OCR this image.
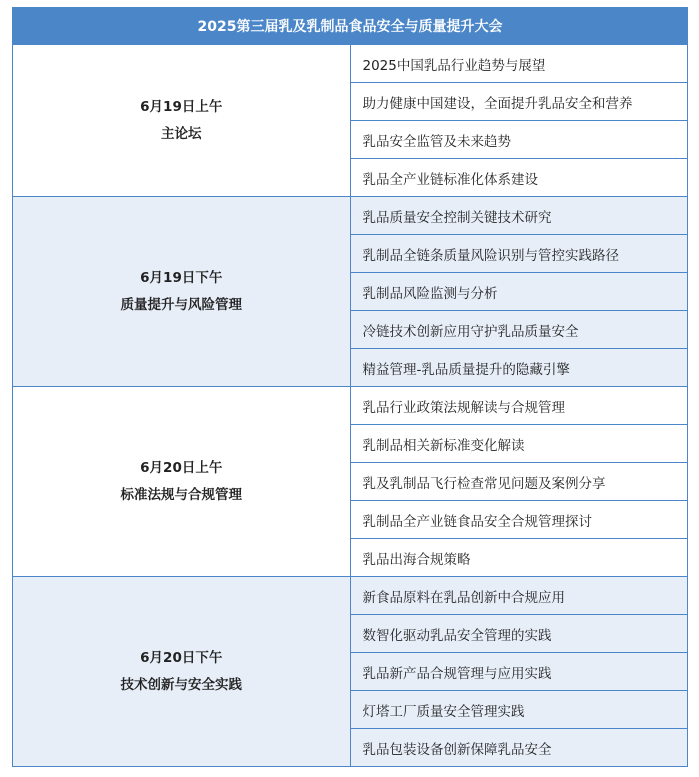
2025第三届乳及乳制品食品安全与质量提升大会	

6月19日上午
主论坛	2025中国乳品行业趋势与展望
	助力健康中国建设，全面提升乳品安全和营养
	乳品安全监管及未来趋势
	乳品全产业链标准化体系建设

6月19日下午
质量提升与风险管理	乳品质量安全控制关键技术研究
	乳制品全链条质量风险识别与管控实践路径
	乳制品风险监测与分析
	冷链技术创新应用守护乳品质量安全
	精益管理-乳品质量提升的隐藏引擎

6月20日上午
标准法规与合规管理	乳品行业政策法规解读与合规管理
	乳制品相关新标准变化解读
	乳及乳制品飞行检查常见问题及案例分享
	乳制品全产业链食品安全合规管理探讨
	乳品出海合规策略

6月20日下午
技术创新与安全实践	新食品原料在乳品创新中合规应用
	数智化驱动乳品安全管理的实践
	乳品新产品合规管理与应用实践
	灯塔工厂质量安全管理实践
	乳品包装设备创新保障乳品安全
